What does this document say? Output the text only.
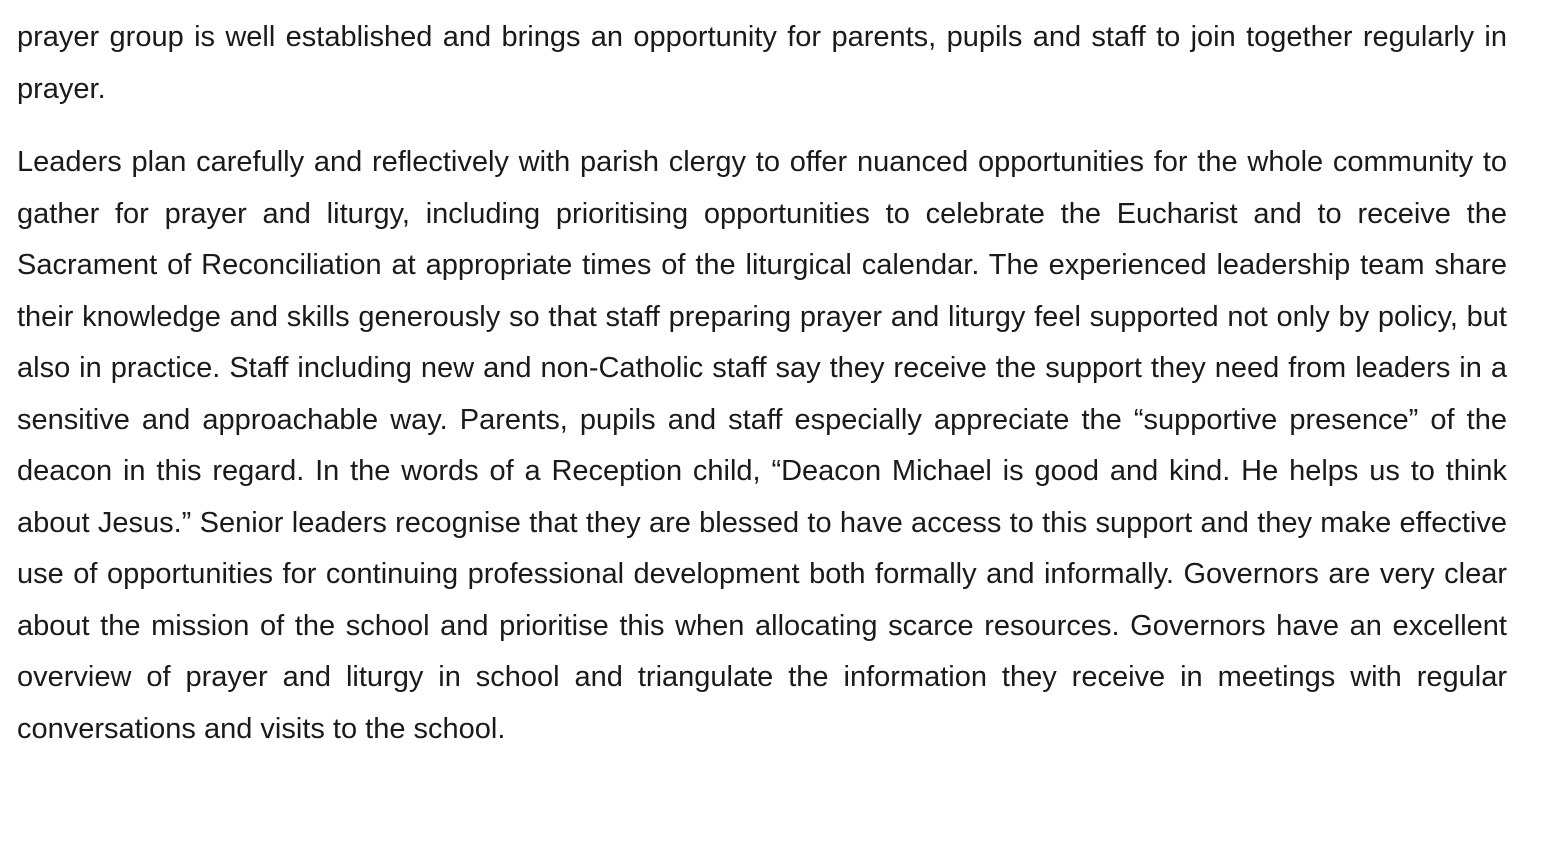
prayer group is well established and brings an opportunity for parents, pupils and staff to join together regularly in prayer.

Leaders plan carefully and reflectively with parish clergy to offer nuanced opportunities for the whole community to gather for prayer and liturgy, including prioritising opportunities to celebrate the Eucharist and to receive the Sacrament of Reconciliation at appropriate times of the liturgical calendar. The experienced leadership team share their knowledge and skills generously so that staff preparing prayer and liturgy feel supported not only by policy, but also in practice. Staff including new and non-Catholic staff say they receive the support they need from leaders in a sensitive and approachable way. Parents, pupils and staff especially appreciate the “supportive presence” of the deacon in this regard. In the words of a Reception child, “Deacon Michael is good and kind. He helps us to think about Jesus.” Senior leaders recognise that they are blessed to have access to this support and they make effective use of opportunities for continuing professional development both formally and informally. Governors are very clear about the mission of the school and prioritise this when allocating scarce resources. Governors have an excellent overview of prayer and liturgy in school and triangulate the information they receive in meetings with regular conversations and visits to the school.
